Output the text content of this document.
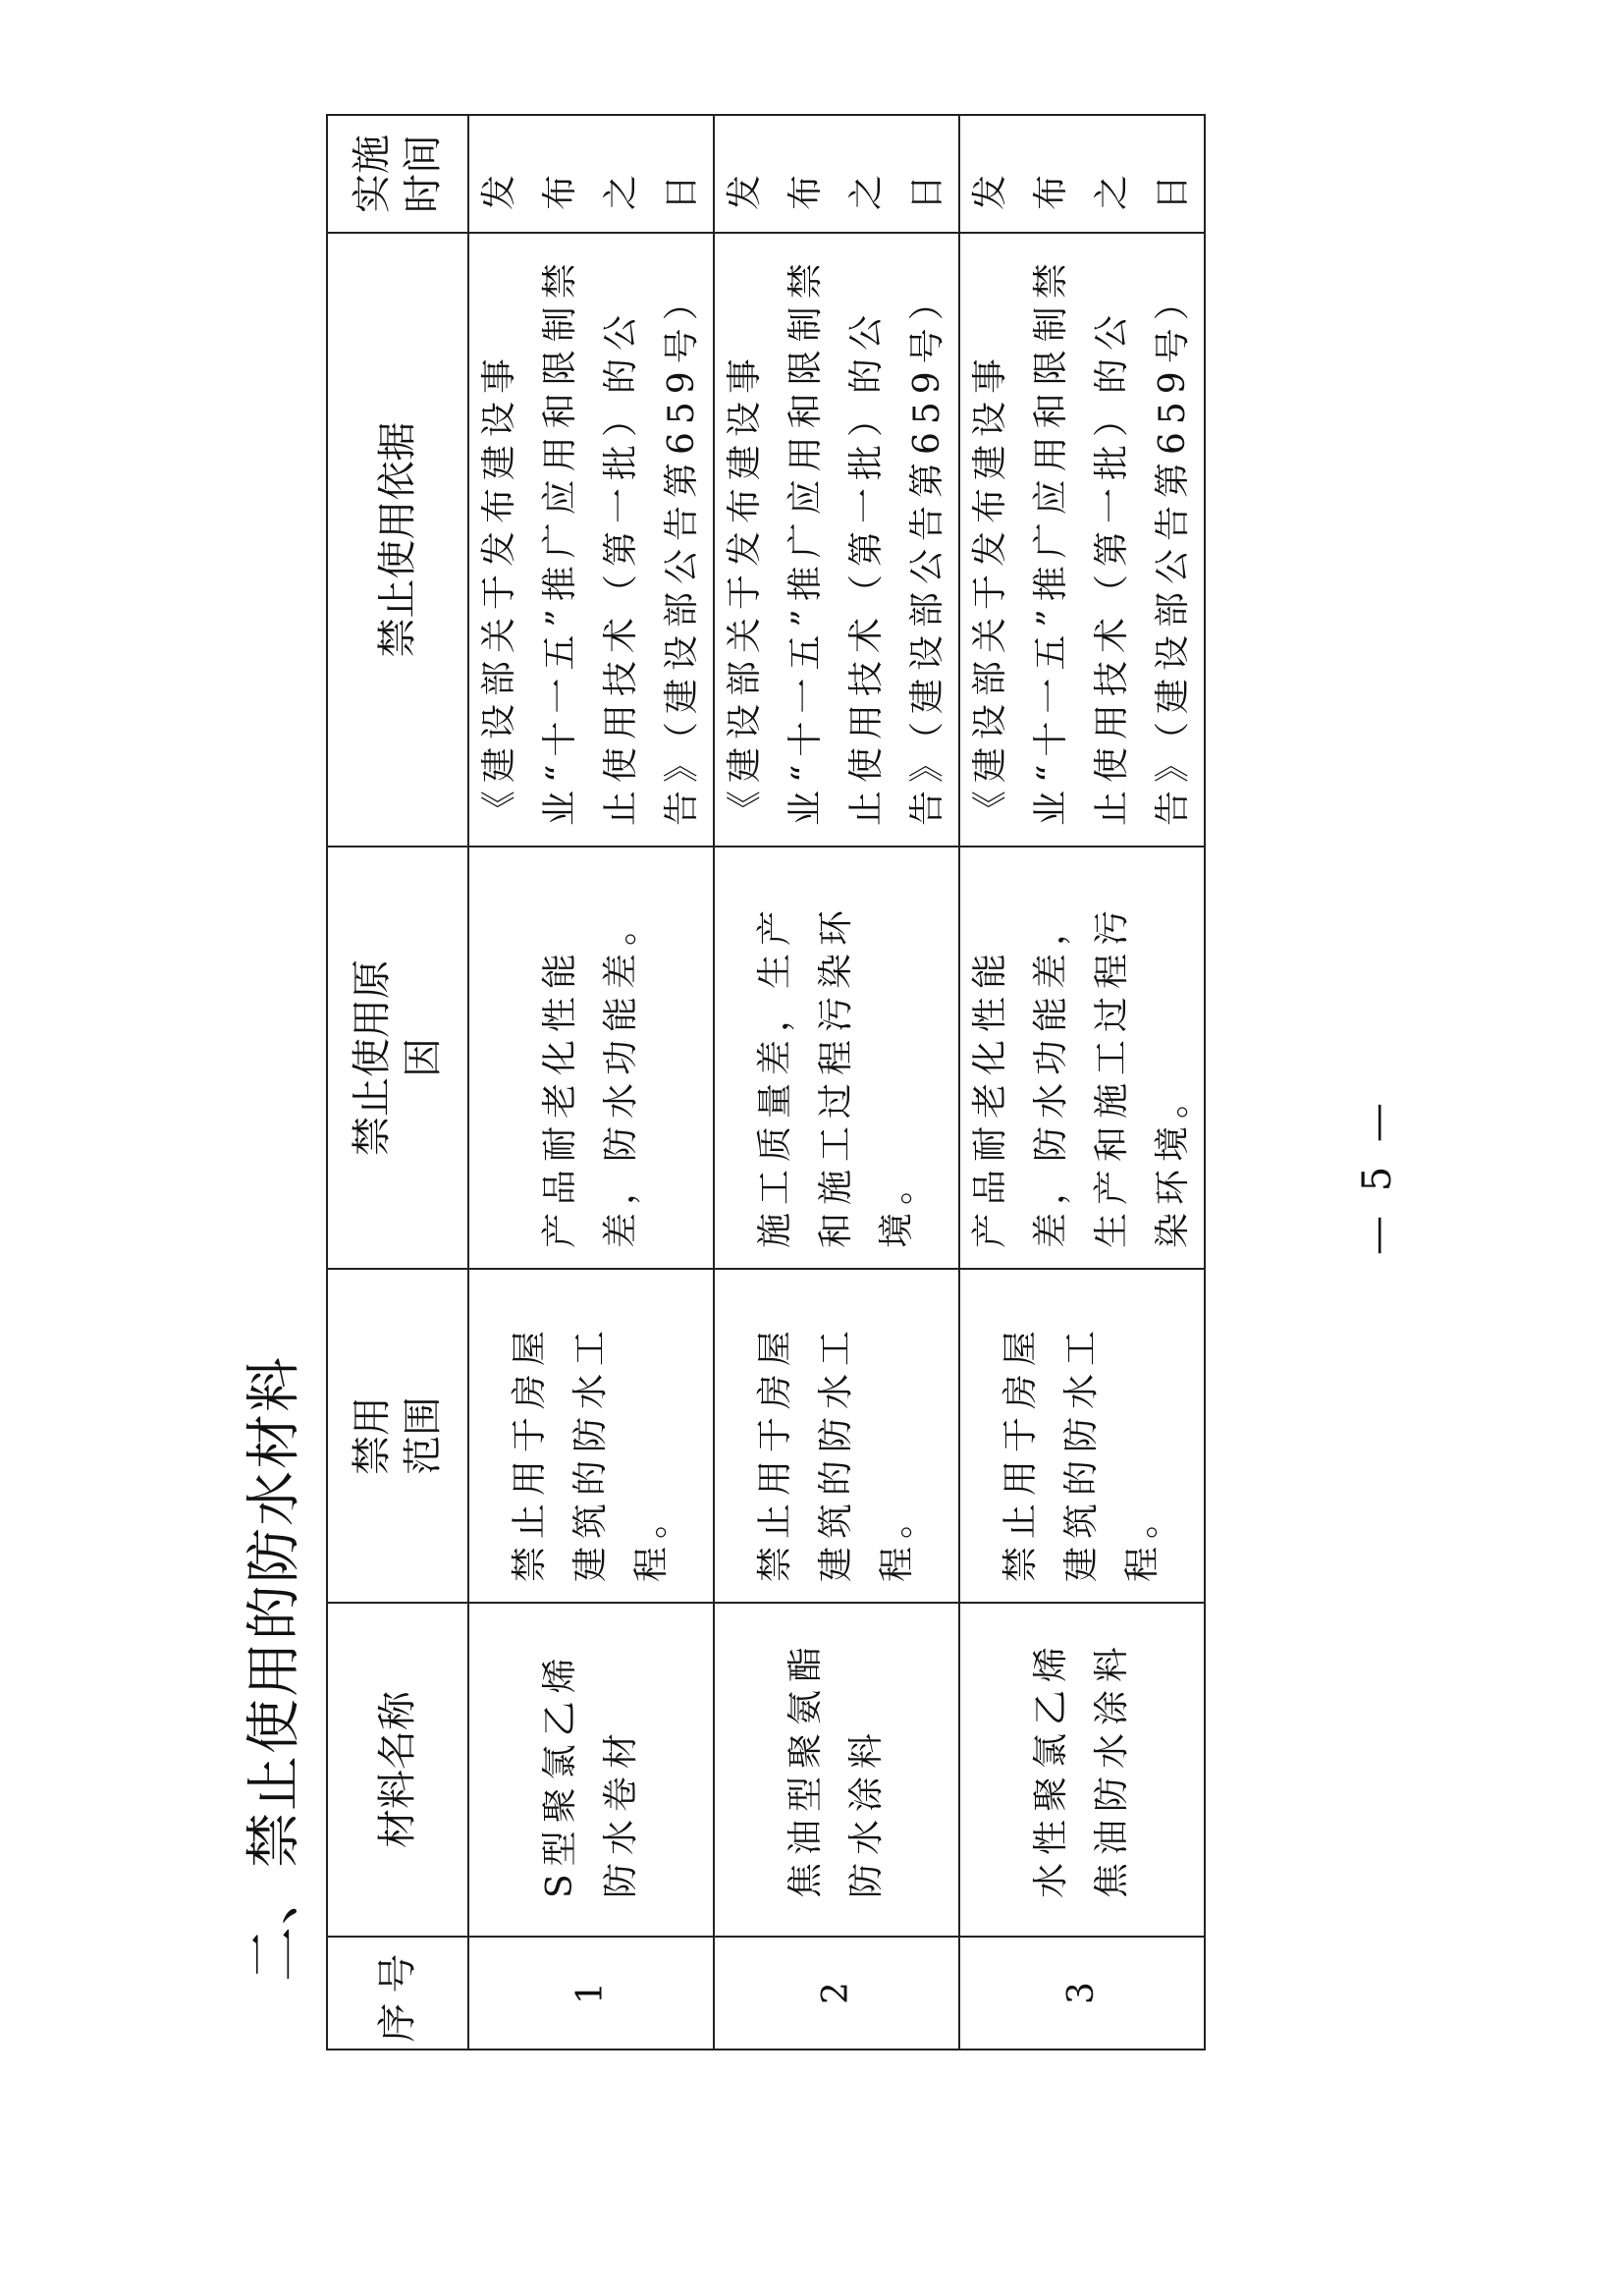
二、禁止使用的防水材料
序号	材料名称	禁用范围	禁止使用原因	禁止使用依据	实施时间
1	S型聚氯乙烯防水卷材	禁止用于房屋建筑的防水工程。	产品耐老化性能差，防水功能差。	《建设部关于发布建设事业“十一五”推广应用和限制禁止使用技术（第一批）的公告》（建设部公告第659号）	发布之日
2	焦油型聚氨酯防水涂料	禁止用于房屋建筑的防水工程。	施工质量差，生产和施工过程污染环境。	《建设部关于发布建设事业“十一五”推广应用和限制禁止使用技术（第一批）的公告》（建设部公告第659号）	发布之日
3	水性聚氯乙烯焦油防水涂料	禁止用于房屋建筑的防水工程。	产品耐老化性能差，防水功能差，生产和施工过程污染环境。	《建设部关于发布建设事业“十一五”推广应用和限制禁止使用技术（第一批）的公告》（建设部公告第659号）	发布之日
— 5 —
